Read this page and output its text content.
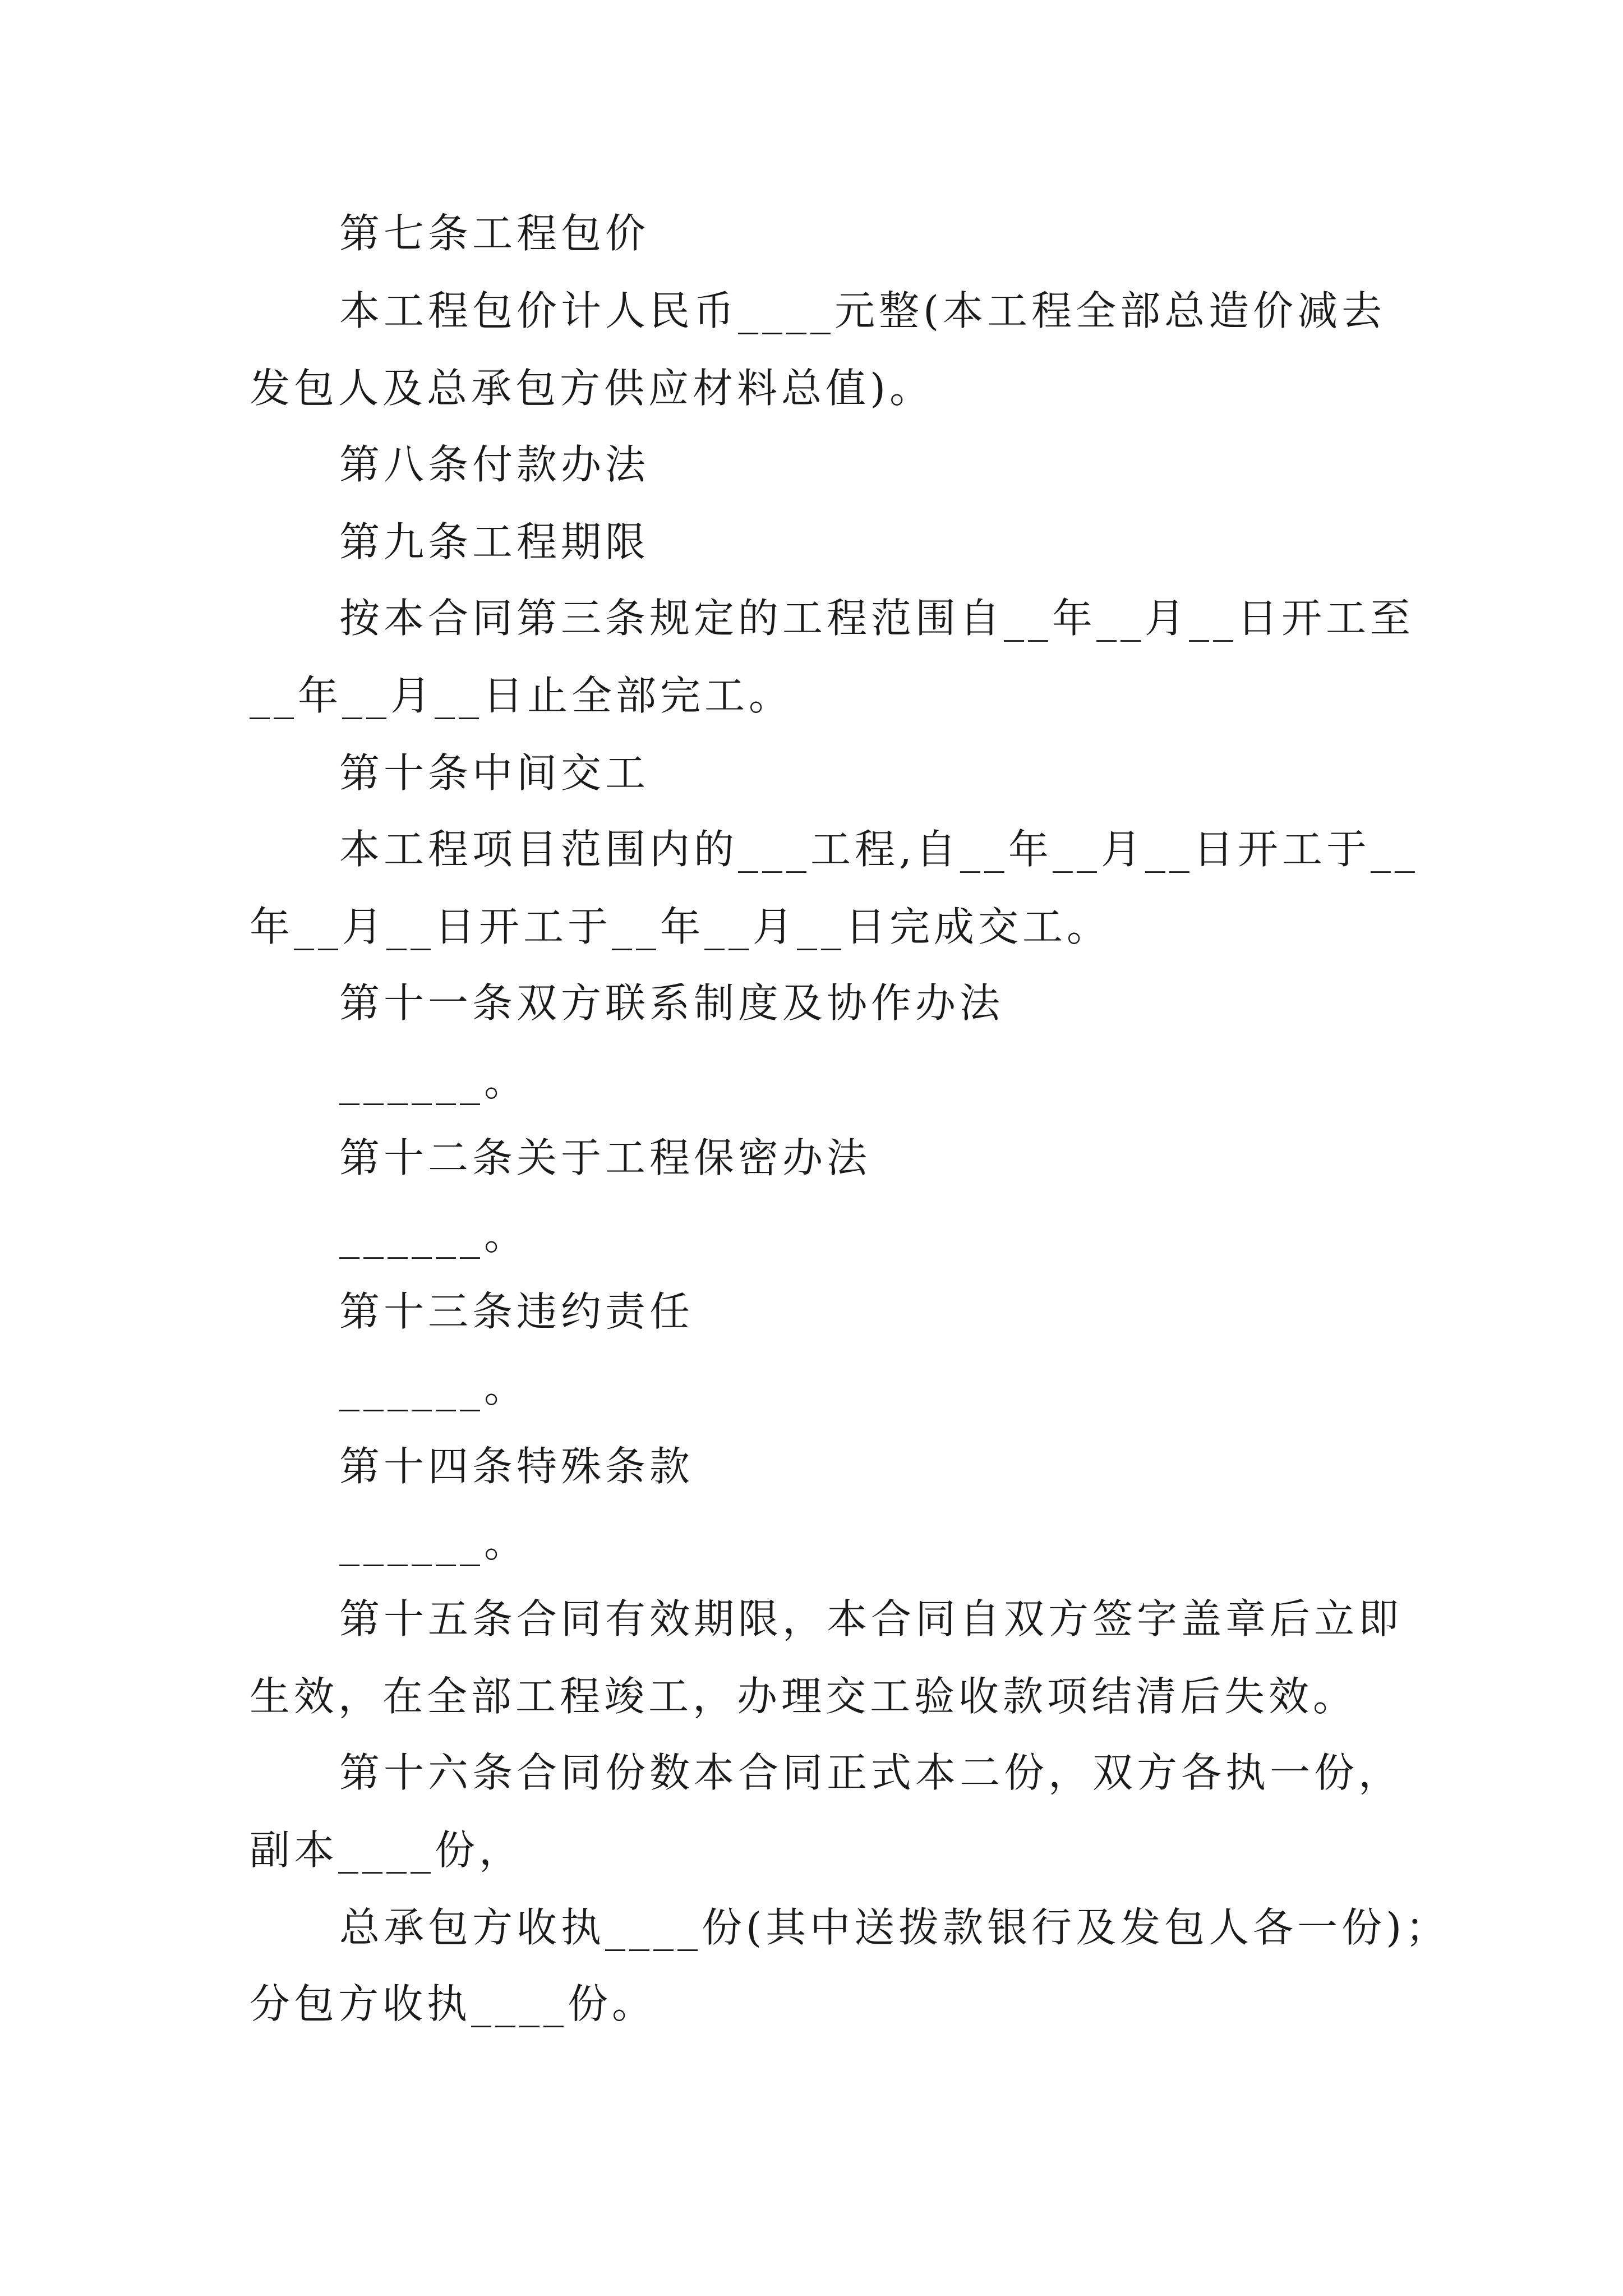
第七条工程包价

本工程包价计人民币____元整(本工程全部总造价减去

发包人及总承包方供应材料总值)。

第八条付款办法

第九条工程期限

按本合同第三条规定的工程范围自__年__月__日开工至

__年__月__日止全部完工。

第十条中间交工

本工程项目范围内的___工程,自__年__月__日开工于__

年__月__日开工于__年__月__日完成交工。

第十一条双方联系制度及协作办法

______。

第十二条关于工程保密办法

______。

第十三条违约责任

______。

第十四条特殊条款

______。

第十五条合同有效期限，本合同自双方签字盖章后立即

生效，在全部工程竣工，办理交工验收款项结清后失效。

第十六条合同份数本合同正式本二份，双方各执一份，

副本____份，

总承包方收执____份(其中送拨款银行及发包人各一份)；

分包方收执____份。
